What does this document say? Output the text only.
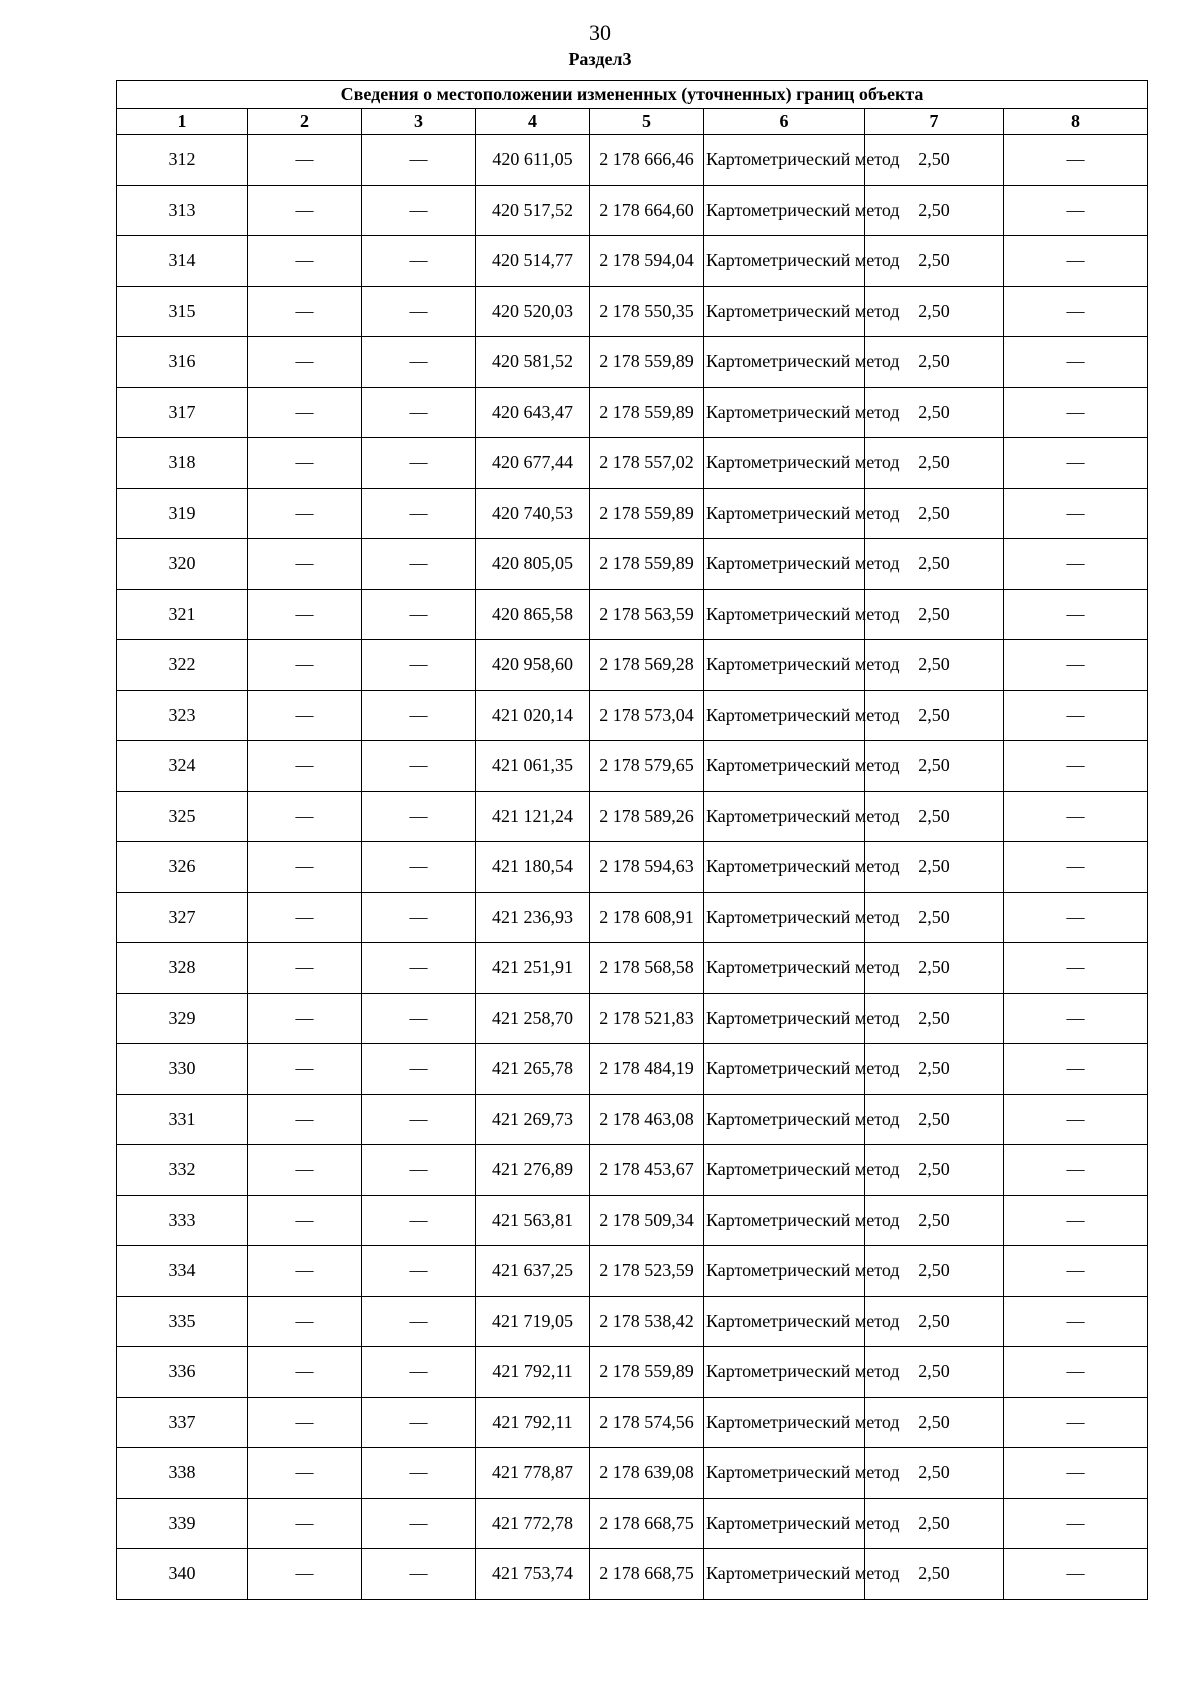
30
Раздел3
Сведения о местоположении измененных (уточненных) границ объекта							
1	2	3	4	5	6	7	8
312	—	—	420 611,05	2 178 666,46	Картометрический метод	2,50	—
313	—	—	420 517,52	2 178 664,60	Картометрический метод	2,50	—
314	—	—	420 514,77	2 178 594,04	Картометрический метод	2,50	—
315	—	—	420 520,03	2 178 550,35	Картометрический метод	2,50	—
316	—	—	420 581,52	2 178 559,89	Картометрический метод	2,50	—
317	—	—	420 643,47	2 178 559,89	Картометрический метод	2,50	—
318	—	—	420 677,44	2 178 557,02	Картометрический метод	2,50	—
319	—	—	420 740,53	2 178 559,89	Картометрический метод	2,50	—
320	—	—	420 805,05	2 178 559,89	Картометрический метод	2,50	—
321	—	—	420 865,58	2 178 563,59	Картометрический метод	2,50	—
322	—	—	420 958,60	2 178 569,28	Картометрический метод	2,50	—
323	—	—	421 020,14	2 178 573,04	Картометрический метод	2,50	—
324	—	—	421 061,35	2 178 579,65	Картометрический метод	2,50	—
325	—	—	421 121,24	2 178 589,26	Картометрический метод	2,50	—
326	—	—	421 180,54	2 178 594,63	Картометрический метод	2,50	—
327	—	—	421 236,93	2 178 608,91	Картометрический метод	2,50	—
328	—	—	421 251,91	2 178 568,58	Картометрический метод	2,50	—
329	—	—	421 258,70	2 178 521,83	Картометрический метод	2,50	—
330	—	—	421 265,78	2 178 484,19	Картометрический метод	2,50	—
331	—	—	421 269,73	2 178 463,08	Картометрический метод	2,50	—
332	—	—	421 276,89	2 178 453,67	Картометрический метод	2,50	—
333	—	—	421 563,81	2 178 509,34	Картометрический метод	2,50	—
334	—	—	421 637,25	2 178 523,59	Картометрический метод	2,50	—
335	—	—	421 719,05	2 178 538,42	Картометрический метод	2,50	—
336	—	—	421 792,11	2 178 559,89	Картометрический метод	2,50	—
337	—	—	421 792,11	2 178 574,56	Картометрический метод	2,50	—
338	—	—	421 778,87	2 178 639,08	Картометрический метод	2,50	—
339	—	—	421 772,78	2 178 668,75	Картометрический метод	2,50	—
340	—	—	421 753,74	2 178 668,75	Картометрический метод	2,50	—
